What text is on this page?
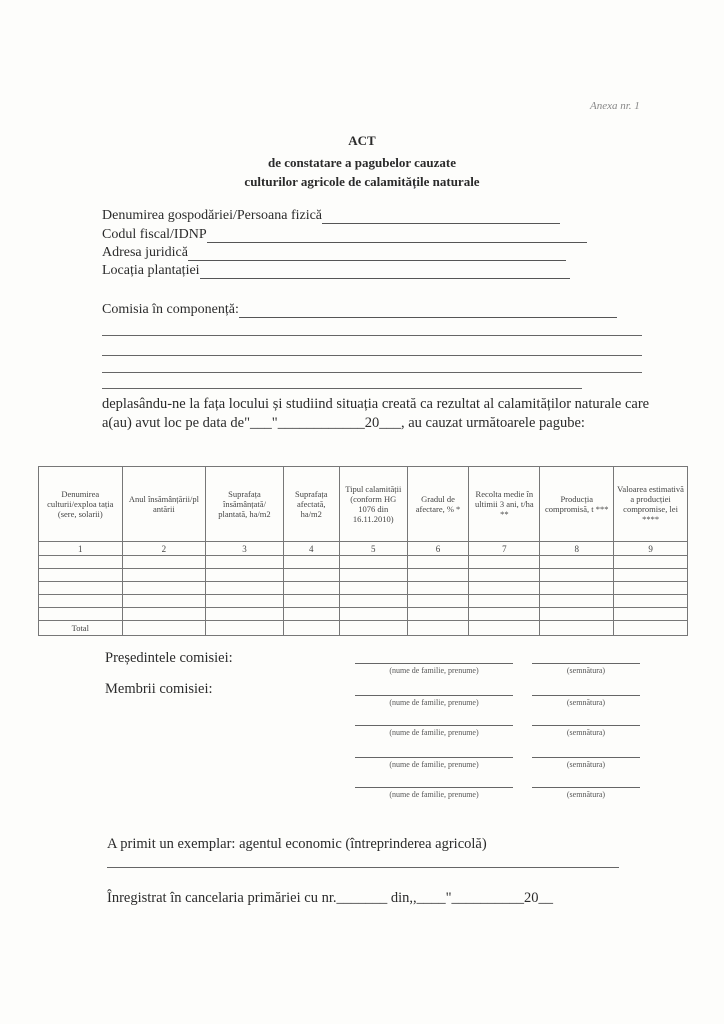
Anexa nr. 1
ACT
de constatare a pagubelor cauzate
culturilor agricole de calamitățile naturale
Denumirea gospodăriei/Persoana fizică
Codul fiscal/IDNP
Adresa juridică
Locația plantației
Comisia în componență:
deplasându-ne la fața locului și studiind situația creată ca rezultat al calamităților naturale care a(au) avut loc pe data de"___"____________20___, au cauzat următoarele pagube:
Denumirea culturii/exploa tația (sere, solarii)	Anul însămânțării/pl antării	Suprafața însămânțată/ plantată, ha/m2	Suprafața afectată, ha/m2	Tipul calamității (conform HG 1076 din 16.11.2010)	Gradul de afectare, % *	Recolta medie în ultimii 3 ani, t/ha **	Producția compromisă, t ***	Valoarea estimativă a producției compromise, lei ****
1	2	3	4	5	6	7	8	9

Total								
Președintele comisiei:
Membrii comisiei:
(nume de familie, prenume)	(semnătura)
(nume de familie, prenume)	(semnătura)
(nume de familie, prenume)	(semnătura)
(nume de familie, prenume)	(semnătura)
(nume de familie, prenume)	(semnătura)
A primit un exemplar: agentul economic (întreprinderea agricolă)
Înregistrat în cancelaria primăriei cu nr._______ din,,____"__________20__
